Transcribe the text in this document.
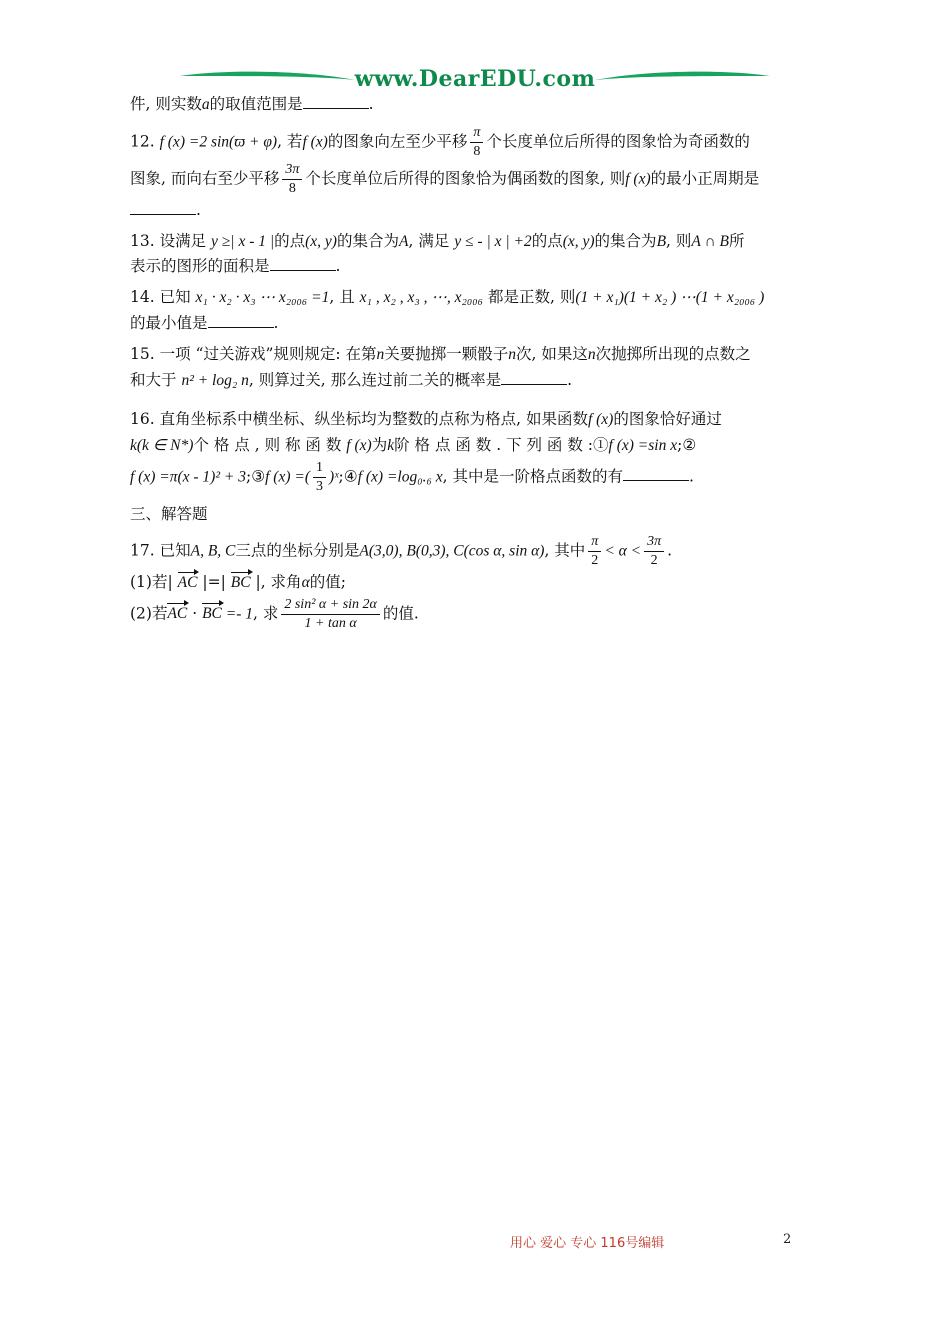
www.DearEDU.com
件, 则实数a的取值范围是	.
12. f (x) =2 sin(ϖ + φ), 若f (x)的图象向左至少平移 $\frac{\pi}{8}$ 个长度单位后所得的图象恰为奇函数的
图象, 而向右至少平移 $\frac{3\pi}{8}$ 个长度单位后所得的图象恰为偶函数的图象, 则f (x)的最小正周期是
.
13. 设满足 y ≥| x - 1 |的点(x, y)的集合为A, 满足 y ≤ - | x | +2的点(x, y)的集合为B, 则A ∩ B所
表示的图形的面积是	.
14. 已知 x₁ · x₂ · x₃ ⋯ x₂₀₀₆ =1, 且 x₁ , x₂ , x₃ , ⋯, x₂₀₀₆ 都是正数, 则(1 + x₁)(1 + x₂ ) ⋯(1 + x₂₀₀₆ )
的最小值是	.
15. 一项 “过关游戏”规则规定: 在第n关要抛掷一颗骰子n次, 如果这n次抛掷所出现的点数之
和大于 n² + log₂ n, 则算过关, 那么连过前二关的概率是	.
16. 直角坐标系中横坐标、纵坐标均为整数的点称为格点, 如果函数f (x)的图象恰好通过
k(k ∈ N*)个 格 点 , 则 称 函 数 f (x)为k阶 格 点 函 数 . 下 列 函 数 :①f (x) =sin x;②
f (x) =π(x - 1)² + 3;③f (x) =( $\frac{1}{3}$ )ˣ;④f (x) =log₀.₆ x, 其中是一阶格点函数的有	.
三、解答题
17. 已知A, B, C三点的坐标分别是A(3,0), B(0,3), C(cos α, sin α), 其中 $\frac{\pi}{2} < \alpha < \frac{3\pi}{2}$ .
(1)若| AC |=| BC |, 求角α的值;
(2)若AC · BC =- 1, 求 $\frac{\text{2 sin² α + sin 2α}}{\text{1 + tan α}}$ 的值.
用心 爱心 专心 116号编辑	2
